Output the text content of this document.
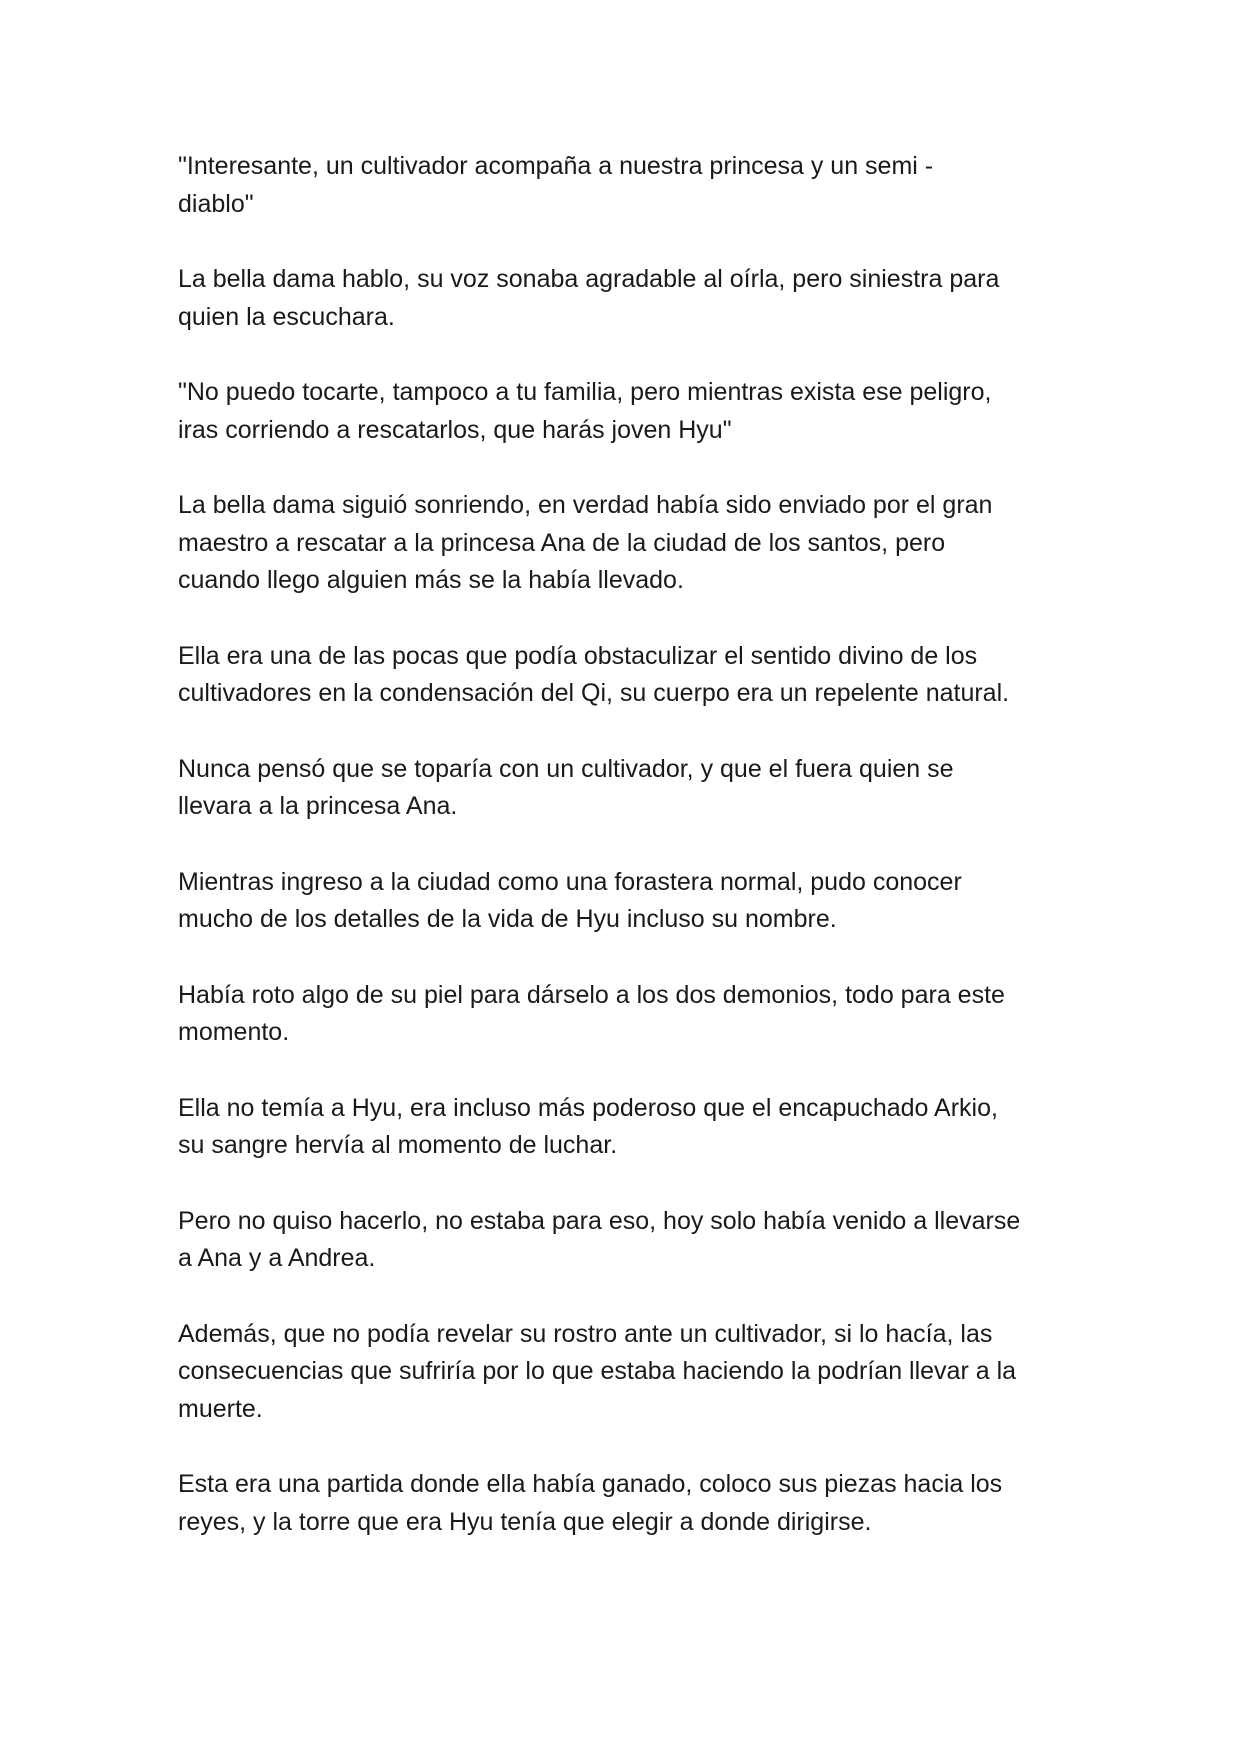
"Interesante, un cultivador acompaña a nuestra princesa y un semi -
diablo"

La bella dama hablo, su voz sonaba agradable al oírla, pero siniestra para
quien la escuchara.

"No puedo tocarte, tampoco a tu familia, pero mientras exista ese peligro,
iras corriendo a rescatarlos, que harás joven Hyu"

La bella dama siguió sonriendo, en verdad había sido enviado por el gran
maestro a rescatar a la princesa Ana de la ciudad de los santos, pero
cuando llego alguien más se la había llevado.

Ella era una de las pocas que podía obstaculizar el sentido divino de los
cultivadores en la condensación del Qi, su cuerpo era un repelente natural.

Nunca pensó que se toparía con un cultivador, y que el fuera quien se
llevara a la princesa Ana.

Mientras ingreso a la ciudad como una forastera normal, pudo conocer
mucho de los detalles de la vida de Hyu incluso su nombre.

Había roto algo de su piel para dárselo a los dos demonios, todo para este
momento.

Ella no temía a Hyu, era incluso más poderoso que el encapuchado Arkio,
su sangre hervía al momento de luchar.

Pero no quiso hacerlo, no estaba para eso, hoy solo había venido a llevarse
a Ana y a Andrea.

Además, que no podía revelar su rostro ante un cultivador, si lo hacía, las
consecuencias que sufriría por lo que estaba haciendo la podrían llevar a la
muerte.

Esta era una partida donde ella había ganado, coloco sus piezas hacia los
reyes, y la torre que era Hyu tenía que elegir a donde dirigirse.
